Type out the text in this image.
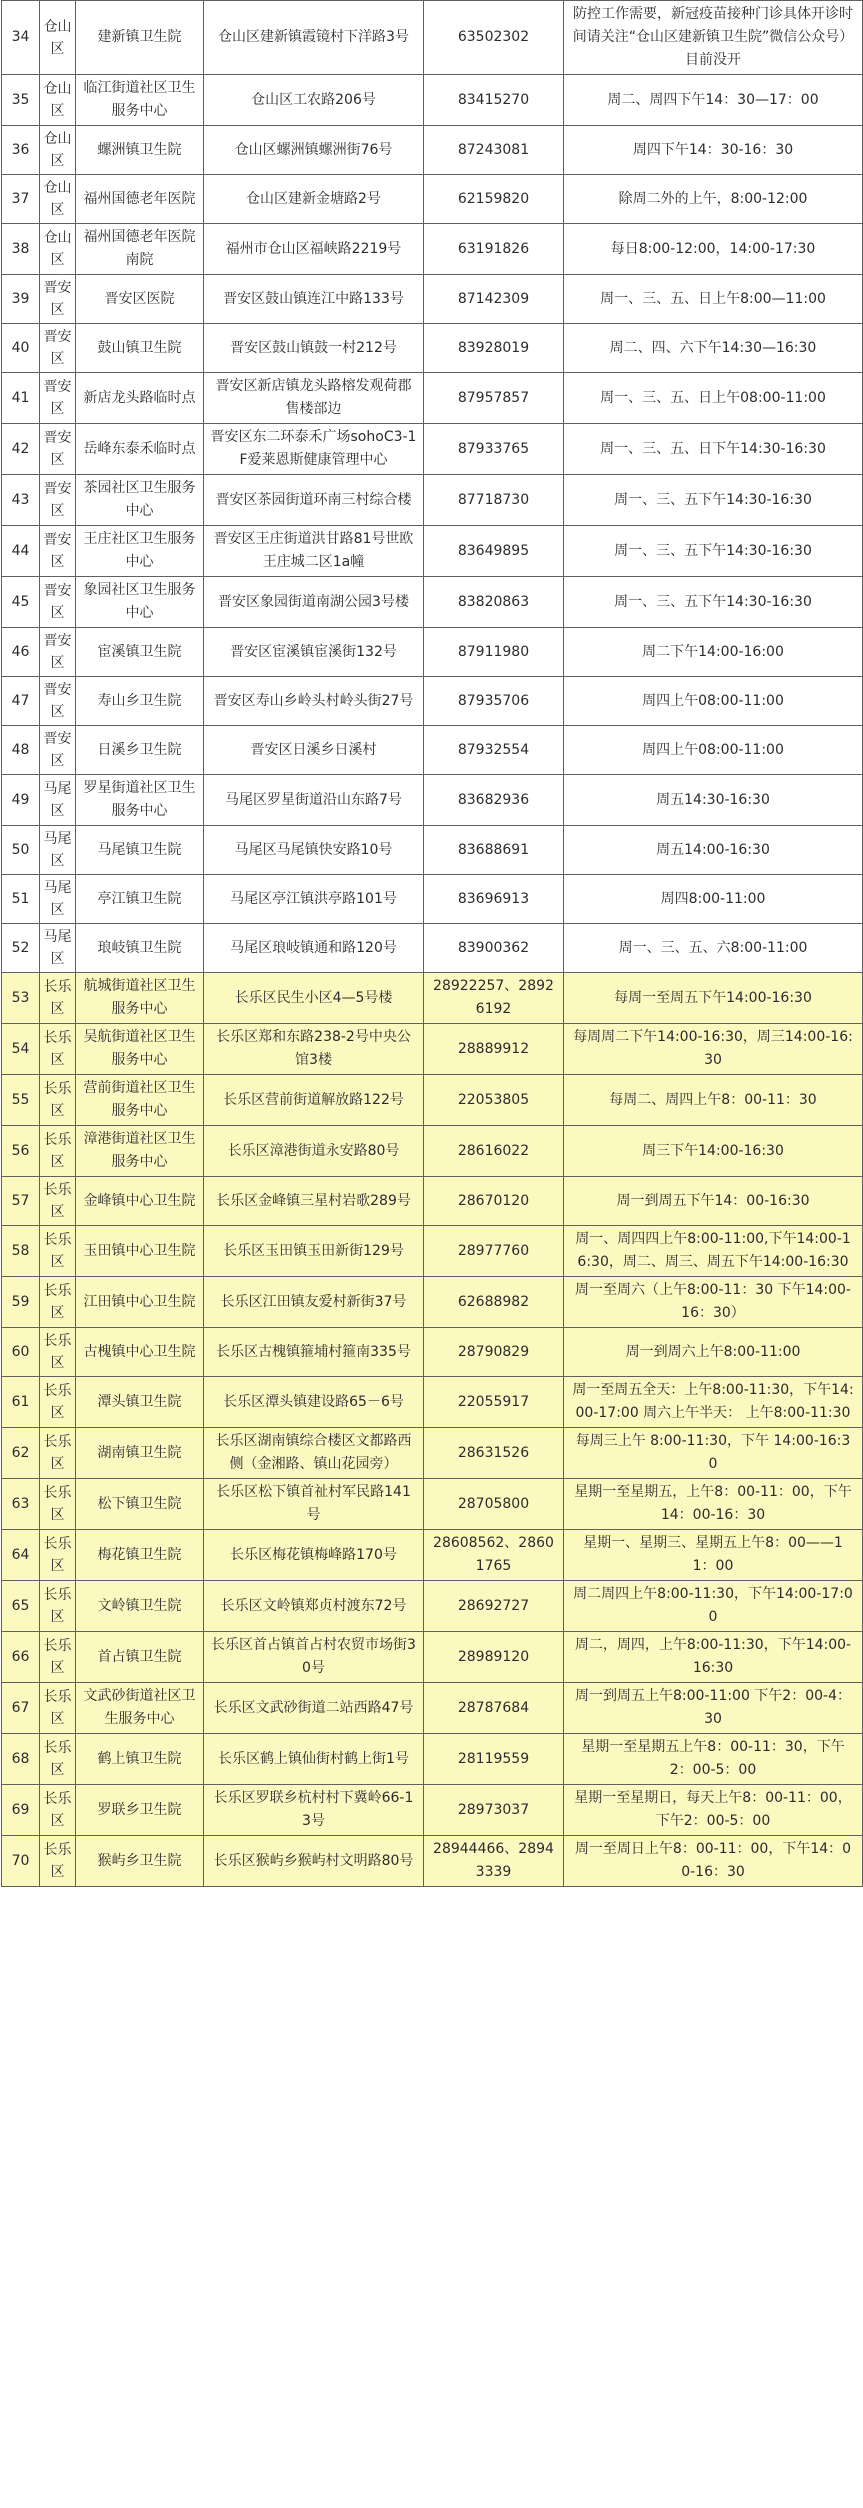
34	仓山区	建新镇卫生院	仓山区建新镇霞镜村下洋路3号	63502302	防控工作需要，新冠疫苗接种门诊具体开诊时间请关注“仓山区建新镇卫生院”微信公众号）目前没开
35	仓山区	临江街道社区卫生服务中心	仓山区工农路206号	83415270	周二、周四下午14：30—17：00
36	仓山区	螺洲镇卫生院	仓山区螺洲镇螺洲街76号	87243081	周四下午14：30-16：30
37	仓山区	福州国德老年医院	仓山区建新金塘路2号	62159820	除周二外的上午，8:00-12:00
38	仓山区	福州国德老年医院南院	福州市仓山区福峡路2219号	63191826	每日8:00-12:00，14:00-17:30
39	晋安区	晋安区医院	晋安区鼓山镇连江中路133号	87142309	周一、三、五、日上午8:00—11:00
40	晋安区	鼓山镇卫生院	晋安区鼓山镇鼓一村212号	83928019	周二、四、六下午14:30—16:30
41	晋安区	新店龙头路临时点	晋安区新店镇龙头路榕发观荷郡售楼部边	87957857	周一、三、五、日上午08:00-11:00
42	晋安区	岳峰东泰禾临时点	晋安区东二环泰禾广场sohoC3-1F爱莱恩斯健康管理中心	87933765	周一、三、五、日下午14:30-16:30
43	晋安区	茶园社区卫生服务中心	晋安区茶园街道环南三村综合楼	87718730	周一、三、五下午14:30-16:30
44	晋安区	王庄社区卫生服务中心	晋安区王庄街道洪甘路81号世欧王庄城二区1a幢	83649895	周一、三、五下午14:30-16:30
45	晋安区	象园社区卫生服务中心	晋安区象园街道南湖公园3号楼	83820863	周一、三、五下午14:30-16:30
46	晋安区	宦溪镇卫生院	晋安区宦溪镇宦溪街132号	87911980	周二下午14:00-16:00
47	晋安区	寿山乡卫生院	晋安区寿山乡岭头村岭头街27号	87935706	周四上午08:00-11:00
48	晋安区	日溪乡卫生院	晋安区日溪乡日溪村	87932554	周四上午08:00-11:00
49	马尾区	罗星街道社区卫生服务中心	马尾区罗星街道沿山东路7号	83682936	周五14:30-16:30
50	马尾区	马尾镇卫生院	马尾区马尾镇快安路10号	83688691	周五14:00-16:30
51	马尾区	亭江镇卫生院	马尾区亭江镇洪亭路101号	83696913	周四8:00-11:00
52	马尾区	琅岐镇卫生院	马尾区琅岐镇通和路120号	83900362	周一、三、五、六8:00-11:00
53	长乐区	航城街道社区卫生服务中心	长乐区民生小区4—5号楼	28922257、28926192	每周一至周五下午14:00-16:30
54	长乐区	吴航街道社区卫生服务中心	长乐区郑和东路238-2号中央公馆3楼	28889912	每周周二下午14:00-16:30，周三14:00-16:30
55	长乐区	营前街道社区卫生服务中心	长乐区营前街道解放路122号	22053805	每周二、周四上午8：00-11：30
56	长乐区	漳港街道社区卫生服务中心	长乐区漳港街道永安路80号	28616022	周三下午14:00-16:30
57	长乐区	金峰镇中心卫生院	长乐区金峰镇三星村岩歌289号	28670120	周一到周五下午14：00-16:30
58	长乐区	玉田镇中心卫生院	长乐区玉田镇玉田新街129号	28977760	周一、周四四上午8:00-11:00,下午14:00-16:30，周二、周三、周五下午14:00-16:30
59	长乐区	江田镇中心卫生院	长乐区江田镇友爱村新街37号	62688982	周一至周六（上午8:00-11：30 下午14:00-16：30）
60	长乐区	古槐镇中心卫生院	长乐区古槐镇箍埔村箍南335号	28790829	周一到周六上午8:00-11:00
61	长乐区	潭头镇卫生院	长乐区潭头镇建设路65－6号	22055917	周一至周五全天：上午8:00-11:30，下午14:00-17:00 周六上午半天： 上午8:00-11:30
62	长乐区	湖南镇卫生院	长乐区湖南镇综合楼区文都路西侧（金湘路、镇山花园旁）	28631526	每周三上午 8:00-11:30，下午 14:00-16:30
63	长乐区	松下镇卫生院	长乐区松下镇首祉村军民路141号	28705800	星期一至星期五，上午8：00-11：00，下午14：00-16：30
64	长乐区	梅花镇卫生院	长乐区梅花镇梅峰路170号	28608562、28601765	星期一、星期三、星期五上午8：00——11：00
65	长乐区	文岭镇卫生院	长乐区文岭镇郑贞村渡东72号	28692727	周二周四上午8:00-11:30，下午14:00-17:00
66	长乐区	首占镇卫生院	长乐区首占镇首占村农贸市场街30号	28989120	周二，周四，上午8:00-11:30，下午14:00-16:30
67	长乐区	文武砂街道社区卫生服务中心	长乐区文武砂街道二站西路47号	28787684	周一到周五上午8:00-11:00 下午2：00-4：30
68	长乐区	鹤上镇卫生院	长乐区鹤上镇仙街村鹤上街1号	28119559	星期一至星期五上午8：00-11：30，下午2：00-5：00
69	长乐区	罗联乡卫生院	长乐区罗联乡杭村村下冀岭66-13号	28973037	星期一至星期日，每天上午8：00-11：00，下午2：00-5：00
70	长乐区	猴屿乡卫生院	长乐区猴屿乡猴屿村文明路80号	28944466、28943339	周一至周日上午8：00-11：00，下午14：00-16：30
